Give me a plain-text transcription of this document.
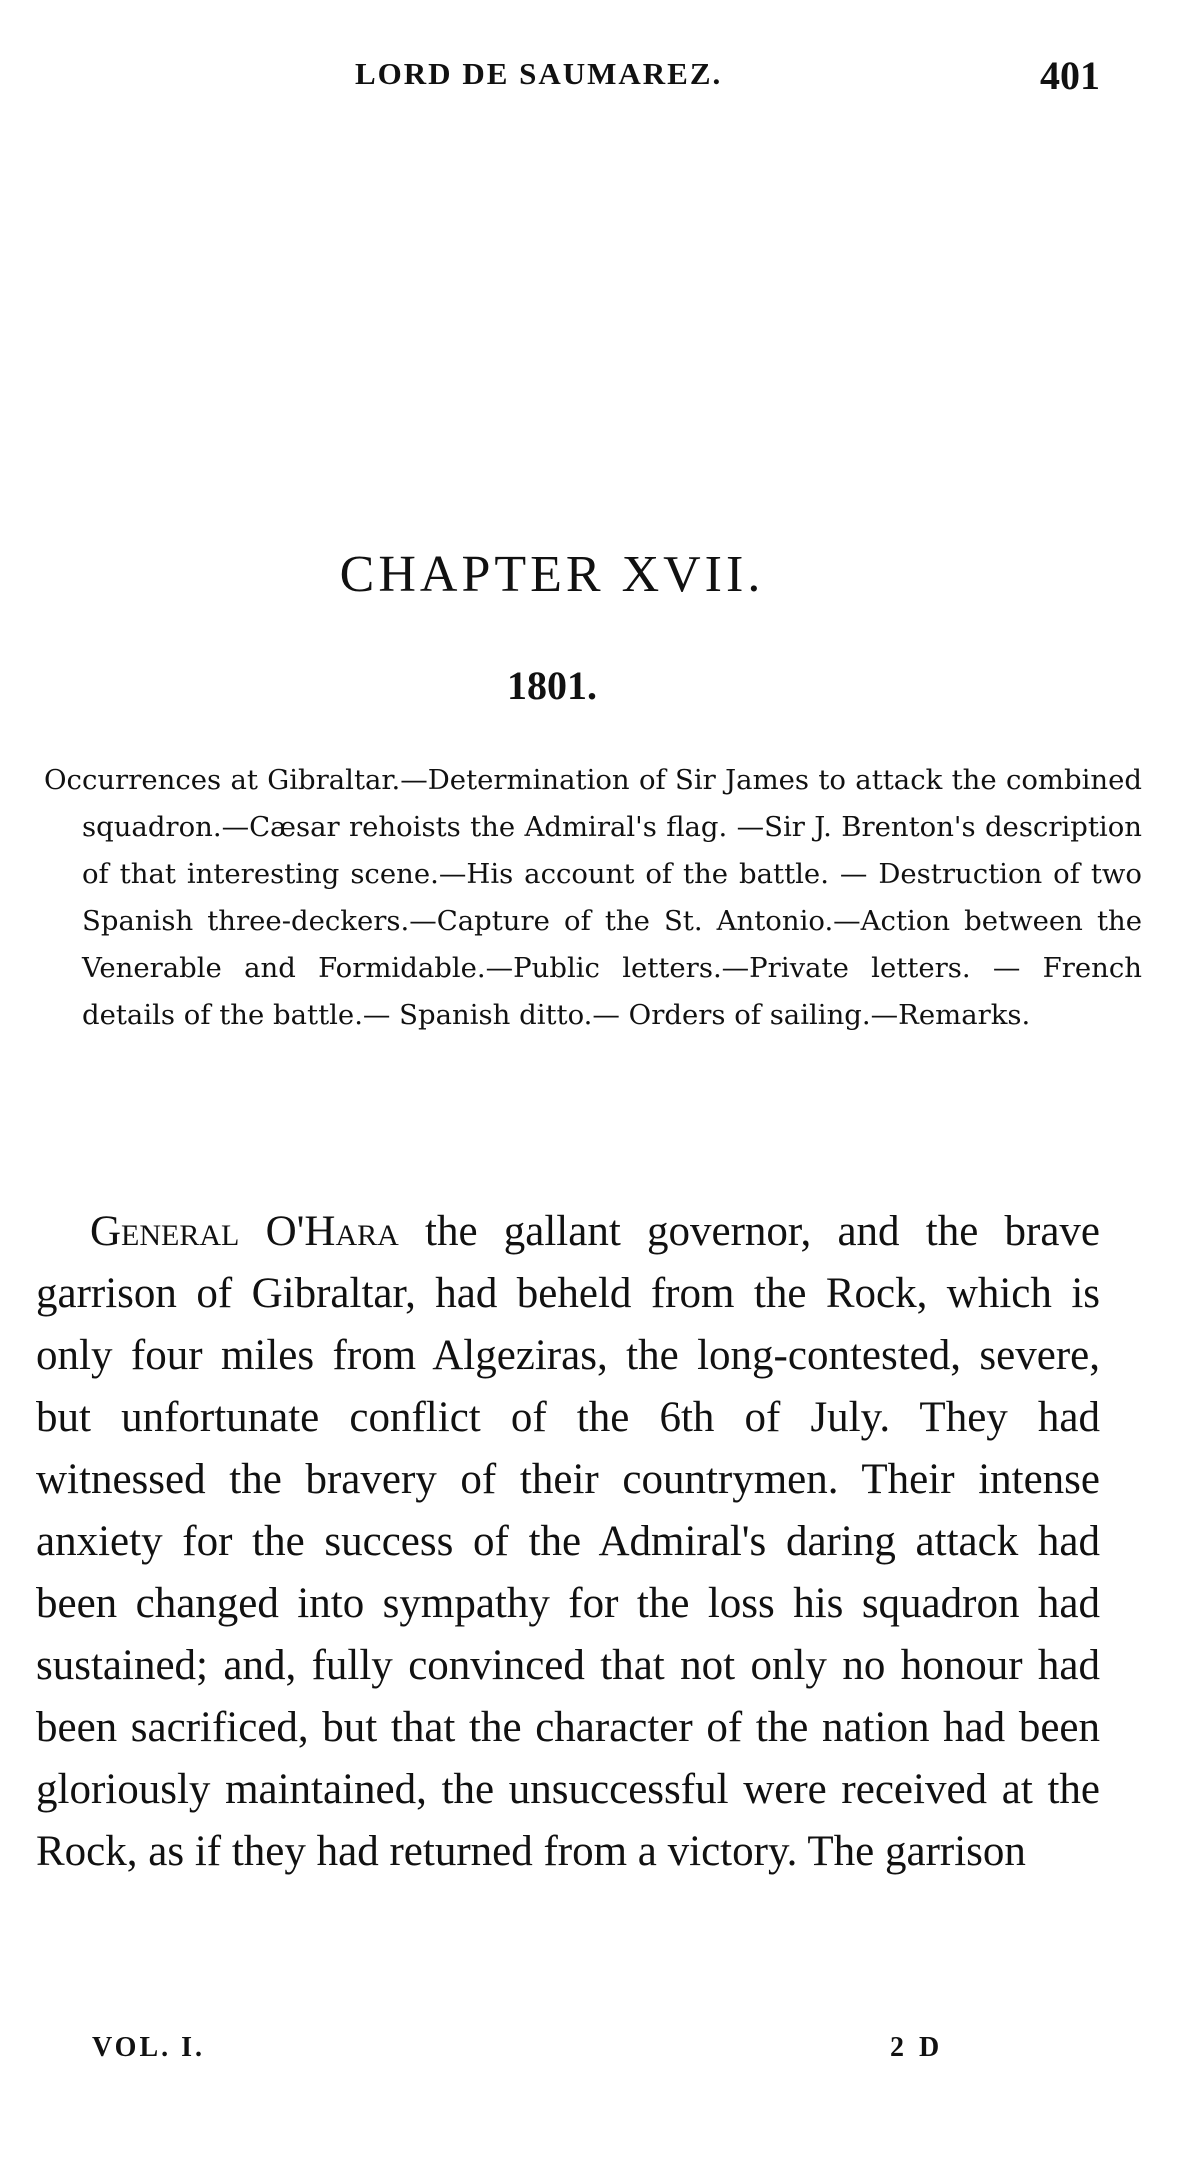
LORD DE SAUMAREZ.	401
CHAPTER XVII.
1801.
Occurrences at Gibraltar.—Determination of Sir James to attack the combined squadron.—Cæsar rehoists the Admiral's flag. —Sir J. Brenton's description of that interesting scene.—His account of the battle. — Destruction of two Spanish three-deckers.—Capture of the St. Antonio.—Action between the Venerable and Formidable.—Public letters.—Private letters. — French details of the battle.— Spanish ditto.— Orders of sailing.—Remarks.

General O'Hara the gallant governor, and the brave garrison of Gibraltar, had beheld from the Rock, which is only four miles from Algeziras, the long-contested, severe, but unfortunate conflict of the 6th of July. They had witnessed the bravery of their countrymen. Their intense anxiety for the success of the Admiral's daring attack had been changed into sympathy for the loss his squadron had sustained; and, fully convinced that not only no honour had been sacrificed, but that the character of the nation had been gloriously maintained, the unsuccessful were received at the Rock, as if they had returned from a victory. The garrison

VOL. I.	2 D
